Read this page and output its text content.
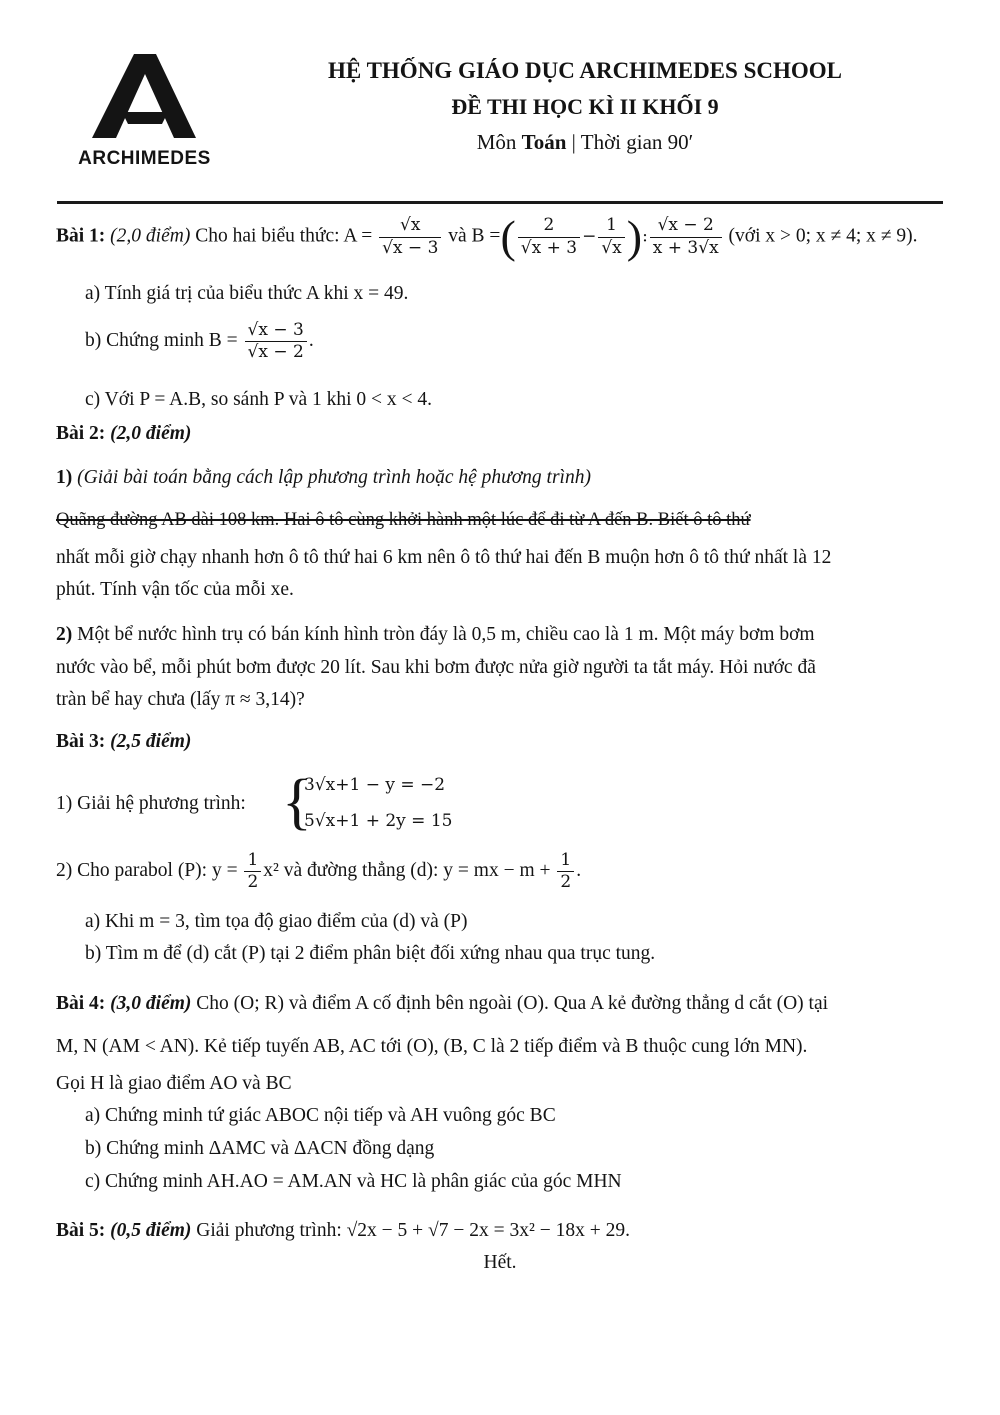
ARCHIMEDES
HỆ THỐNG GIÁO DỤC ARCHIMEDES SCHOOL
ĐỀ THI HỌC KÌ II KHỐI 9
Môn Toán | Thời gian 90′
Bài 1: (2,0 điểm) Cho hai biểu thức: $A = \frac{√x}{√x - 3}$ và B =( $\frac{2}{√x + 3} - \frac{1}{√x}$ ): $\frac{√x - 2}{x + 3√x}$ (với x > 0; x ≠ 4; x ≠ 9).
a) Tính giá trị của biểu thức A khi x = 49.
b) Chứng minh $B = \frac{√x - 3}{√x - 2}$ .
c) Với P = A.B, so sánh P và 1 khi 0 < x < 4.
Bài 2: (2,0 điểm)
1) (Giải bài toán bằng cách lập phương trình hoặc hệ phương trình)
Quãng đường AB dài 108 km. Hai ô tô cùng khởi hành một lúc để đi từ A đến B. Biết ô tô thứ
nhất mỗi giờ chạy nhanh hơn ô tô thứ hai 6 km nên ô tô thứ hai đến B muộn hơn ô tô thứ nhất là 12
phút. Tính vận tốc của mỗi xe.
2) Một bể nước hình trụ có bán kính hình tròn đáy là 0,5 m, chiều cao là 1 m. Một máy bơm bơm
nước vào bể, mỗi phút bơm được 20 lít. Sau khi bơm được nửa giờ người ta tắt máy. Hỏi nước đã
tràn bể hay chưa (lấy π ≈ 3,14)?
Bài 3: (2,5 điểm)
1) Giải hệ phương trình: {
3√x+1 − y = −2
5√x+1 + 2y = 15
2) Cho parabol (P): $y = \frac{1}{2} x^2$ và đường thẳng (d): y = mx − $m + \frac{1}{2}$ .
a) Khi m = 3, tìm tọa độ giao điểm của (d) và (P)
b) Tìm m để (d) cắt (P) tại 2 điểm phân biệt đối xứng nhau qua trục tung.
Bài 4: (3,0 điểm) Cho (O; R) và điểm A cố định bên ngoài (O). Qua A kẻ đường thẳng d cắt (O) tại
M, N (AM < AN). Kẻ tiếp tuyến AB, AC tới (O), (B, C là 2 tiếp điểm và B thuộc cung lớn MN).
Gọi H là giao điểm AO và BC
a) Chứng minh tứ giác ABOC nội tiếp và AH vuông góc BC
b) Chứng minh ΔAMC và ΔACN đồng dạng
c) Chứng minh AH.AO = AM.AN và HC là phân giác của góc MHN
Bài 5: (0,5 điểm) Giải phương trình: √2x − 5 + √7 − 2x = 3x² − 18x + 29.
Hết.
